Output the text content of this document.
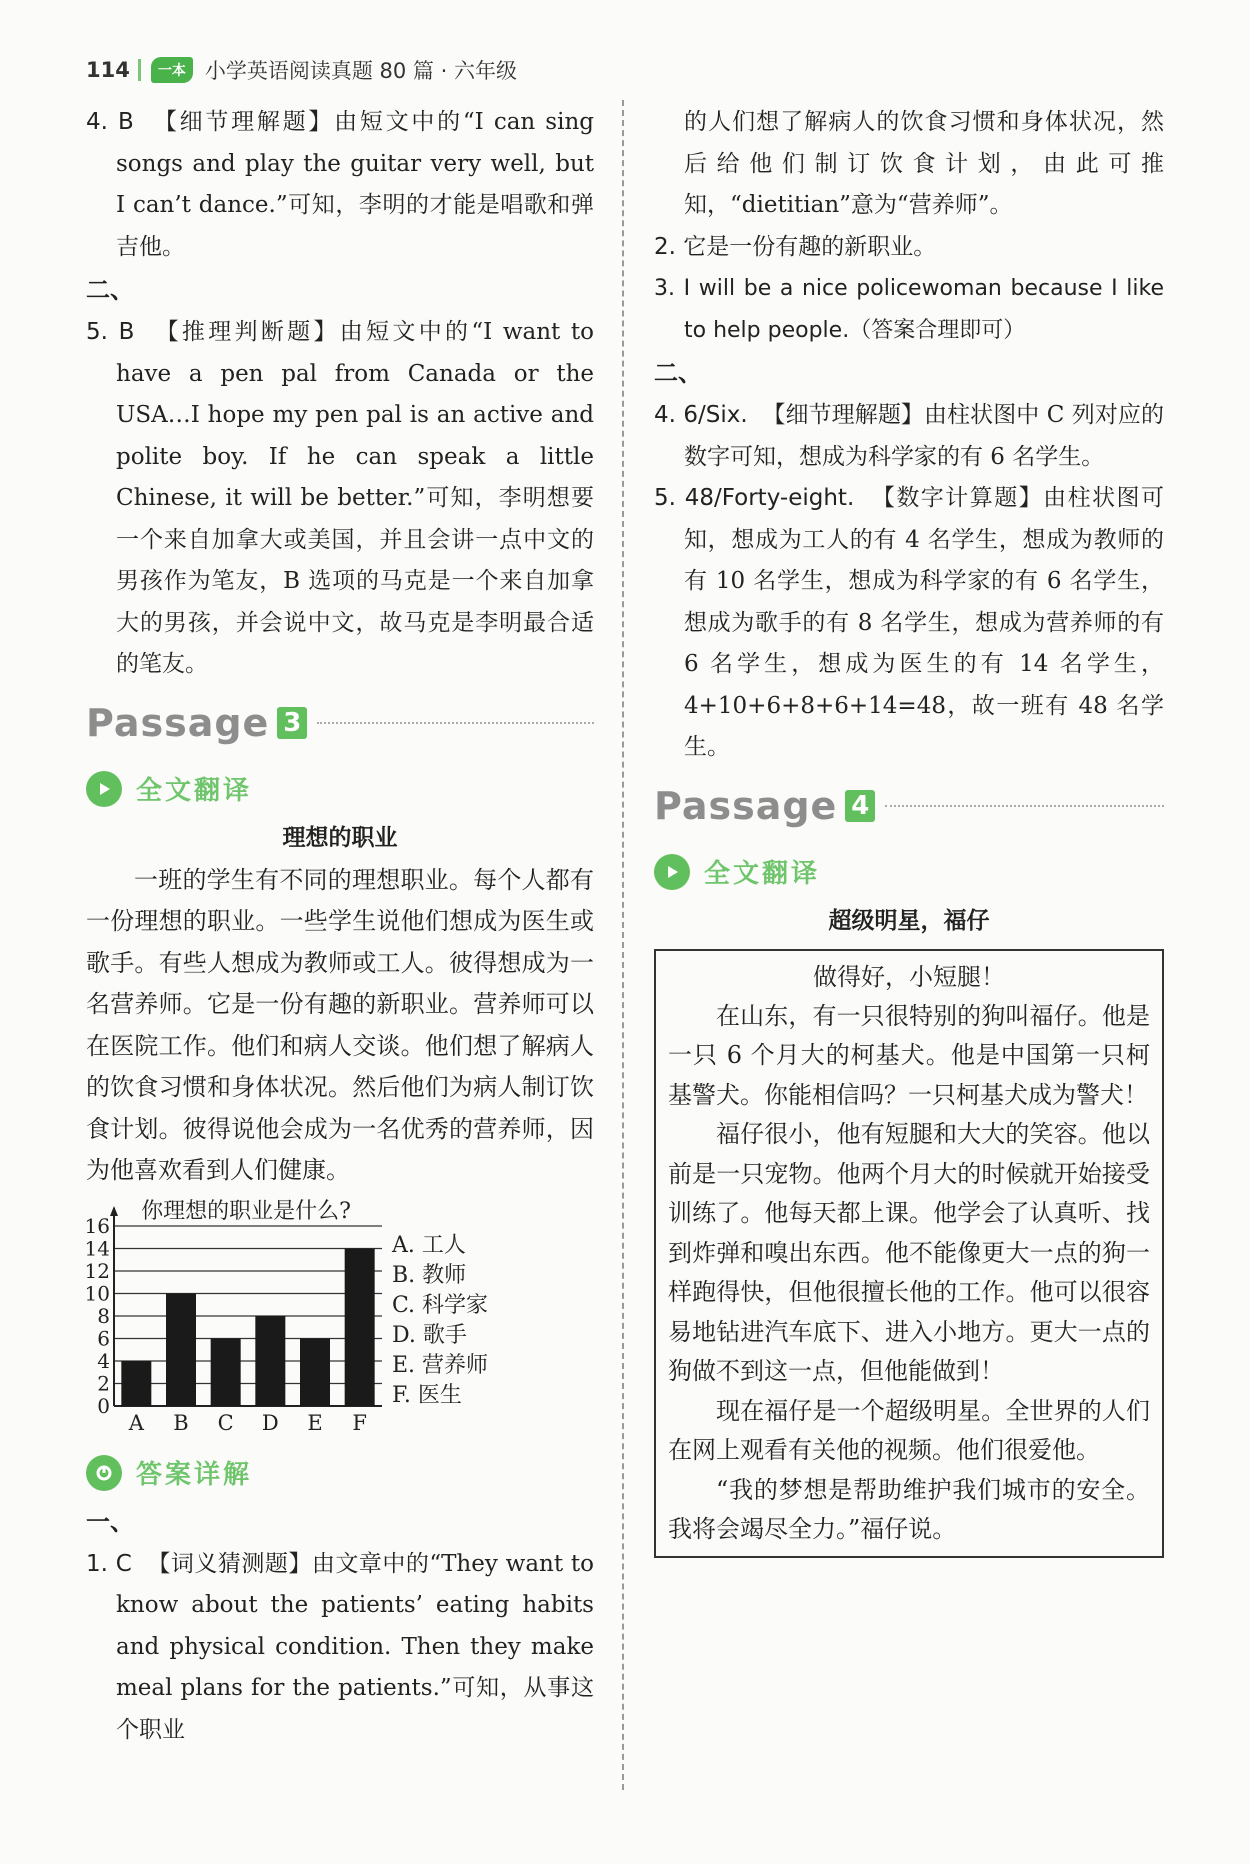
114	一本 小学英语阅读真题 80 篇 · 六年级
4. B 【细节理解题】由短文中的“I can sing songs and play the guitar very well, but I can’t dance.”可知，李明的才能是唱歌和弹吉他。
二、
5. B 【推理判断题】由短文中的“I want to have a pen pal from Canada or the USA…I hope my pen pal is an active and polite boy. If he can speak a little Chinese, it will be better.”可知，李明想要一个来自加拿大或美国，并且会讲一点中文的男孩作为笔友，B 选项的马克是一个来自加拿大的男孩，并会说中文，故马克是李明最合适的笔友。
Passage 3
全文翻译
理想的职业
一班的学生有不同的理想职业。每个人都有一份理想的职业。一些学生说他们想成为医生或歌手。有些人想成为教师或工人。彼得想成为一名营养师。它是一份有趣的新职业。营养师可以在医院工作。他们和病人交谈。他们想了解病人的饮食习惯和身体状况。然后他们为病人制订饮食计划。彼得说他会成为一名优秀的营养师，因为他喜欢看到人们健康。
你理想的职业是什么?
0
2
4
6
8
10
12
14
16
A B C D E F
A. 工人
B. 教师
C. 科学家
D. 歌手
E. 营养师
F. 医生
答案详解
一、
1. C 【词义猜测题】由文章中的“They want to know about the patients’ eating habits and physical condition. Then they make meal plans for the patients.”可知，从事这个职业
的人们想了解病人的饮食习惯和身体状况，然后给他们制订饮食计划，由此可推知，“dietitian”意为“营养师”。
2. 它是一份有趣的新职业。
3. I will be a nice policewoman because I like to help people.（答案合理即可）
二、
4. 6/Six. 【细节理解题】由柱状图中 C 列对应的数字可知，想成为科学家的有 6 名学生。
5. 48/Forty-eight. 【数字计算题】由柱状图可知，想成为工人的有 4 名学生，想成为教师的有 10 名学生，想成为科学家的有 6 名学生，想成为歌手的有 8 名学生，想成为营养师的有 6 名学生，想成为医生的有 14 名学生，4+10+6+8+6+14=48，故一班有 48 名学生。
Passage 4
全文翻译
超级明星，福仔
做得好，小短腿！
在山东，有一只很特别的狗叫福仔。他是一只 6 个月大的柯基犬。他是中国第一只柯基警犬。你能相信吗？一只柯基犬成为警犬！
福仔很小，他有短腿和大大的笑容。他以前是一只宠物。他两个月大的时候就开始接受训练了。他每天都上课。他学会了认真听、找到炸弹和嗅出东西。他不能像更大一点的狗一样跑得快，但他很擅长他的工作。他可以很容易地钻进汽车底下、进入小地方。更大一点的狗做不到这一点，但他能做到！
现在福仔是一个超级明星。全世界的人们在网上观看有关他的视频。他们很爱他。
“我的梦想是帮助维护我们城市的安全。我将会竭尽全力。”福仔说。
